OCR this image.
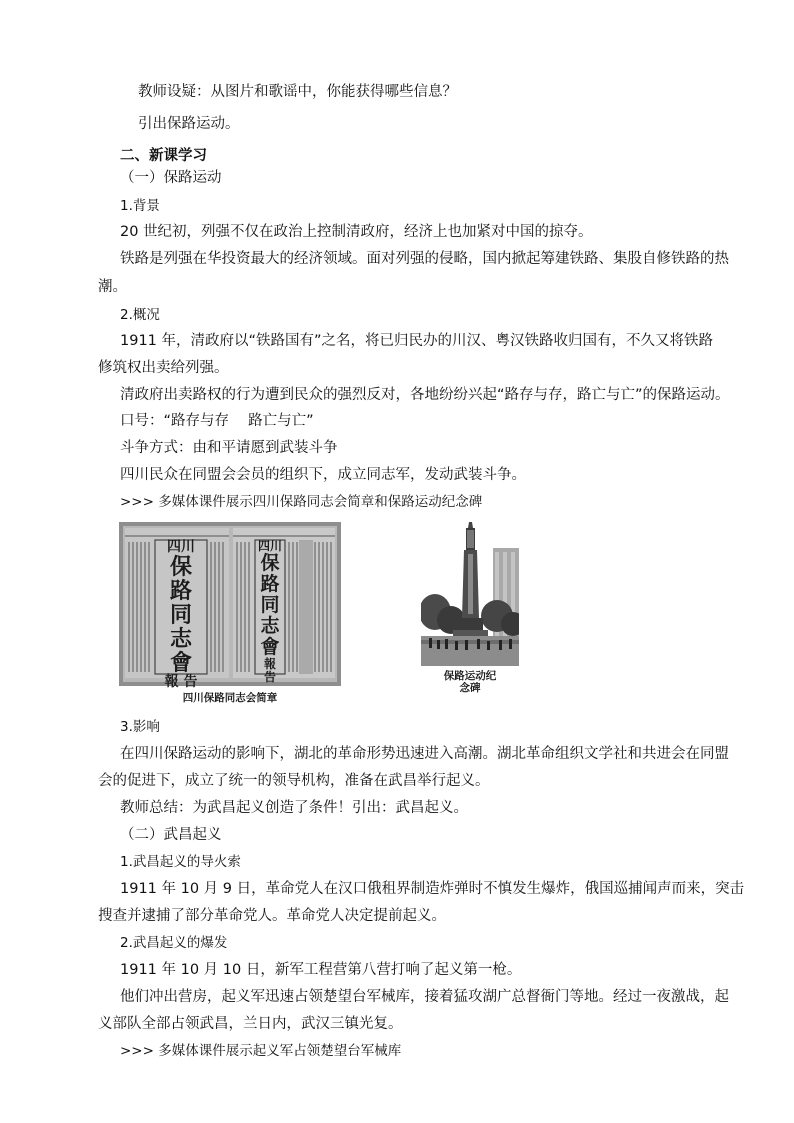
教师设疑：从图片和歌谣中，你能获得哪些信息？
引出保路运动。
二、新课学习
（一）保路运动
1.背景
20 世纪初，列强不仅在政治上控制清政府，经济上也加紧对中国的掠夺。
铁路是列强在华投资最大的经济领域。面对列强的侵略，国内掀起筹建铁路、集股自修铁路的热
潮。
2.概况
1911 年，清政府以“铁路国有”之名，将已归民办的川汉、粤汉铁路收归国有，不久又将铁路
修筑权出卖给列强。
清政府出卖路权的行为遭到民众的强烈反对，各地纷纷兴起“路存与存，路亡与亡”的保路运动。
口号：“路存与存　 路亡与亡”
斗争方式：由和平请愿到武装斗争
四川民众在同盟会会员的组织下，成立同志军，发动武装斗争。
>>> 多媒体课件展示四川保路同志会简章和保路运动纪念碑
四川
保
路
同
志
會
報 告
四川
保
路
同
志
會
報
告
四川保路同志会简章
保路运动纪
念碑
3.影响
在四川保路运动的影响下，湖北的革命形势迅速进入高潮。湖北革命组织文学社和共进会在同盟
会的促进下，成立了统一的领导机构，准备在武昌举行起义。
教师总结：为武昌起义创造了条件！引出：武昌起义。
（二）武昌起义
1.武昌起义的导火索
1911 年 10 月 9 日，革命党人在汉口俄租界制造炸弹时不慎发生爆炸，俄国巡捕闻声而来，突击
搜查并逮捕了部分革命党人。革命党人决定提前起义。
2.武昌起义的爆发
1911 年 10 月 10 日，新军工程营第八营打响了起义第一枪。
他们冲出营房，起义军迅速占领楚望台军械库，接着猛攻湖广总督衙门等地。经过一夜激战，起
义部队全部占领武昌，兰日内，武汉三镇光复。
>>> 多媒体课件展示起义军占领楚望台军械库
